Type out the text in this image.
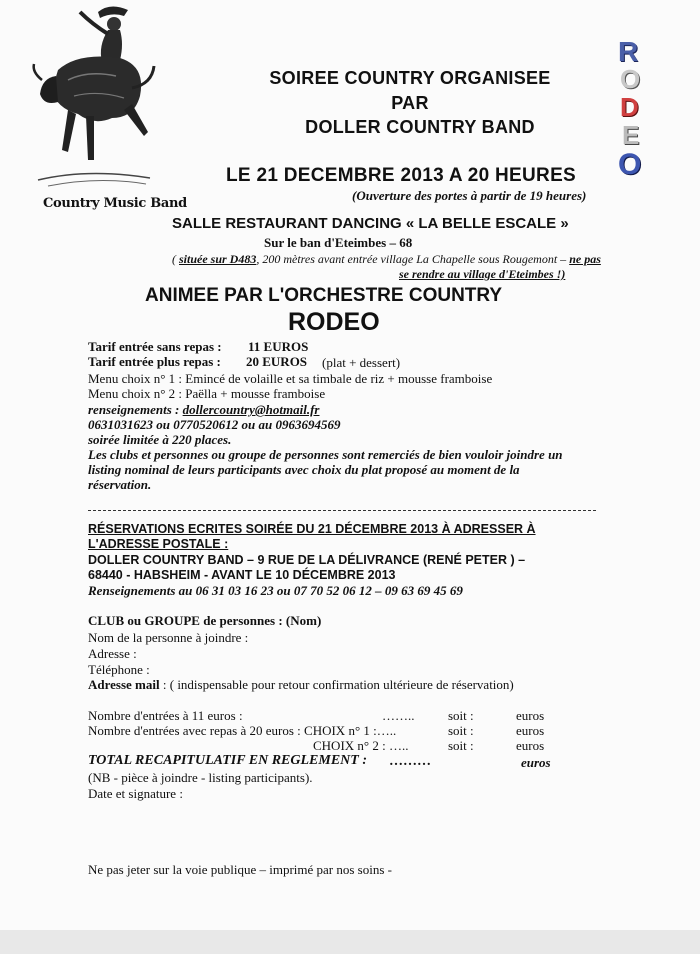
Country Music Band
R
O
D
E
O
SOIREE COUNTRY ORGANISEE
PAR
DOLLER COUNTRY BAND
LE 21 DECEMBRE 2013 A 20 HEURES
(Ouverture des portes à partir de 19 heures)
SALLE RESTAURANT DANCING « LA BELLE ESCALE »
Sur le ban d'Eteimbes – 68
( située sur D483, 200 mètres avant entrée village La Chapelle sous Rougemont – ne pas
se rendre au village d'Eteimbes !)
ANIMEE PAR L'ORCHESTRE COUNTRY
RODEO
Tarif entrée sans repas : 11 EUROS
Tarif entrée plus repas : 20 EUROS (plat + dessert)
Menu choix n° 1 : Emincé de volaille et sa timbale de riz + mousse framboise
Menu choix n° 2 : Paëlla + mousse framboise
renseignements : dollercountry@hotmail.fr
0631031623 ou 0770520612 ou au 0963694569
soirée limitée à 220 places.
Les clubs et personnes ou groupe de personnes sont remerciés de bien vouloir joindre un
listing nominal de leurs participants avec choix du plat proposé au moment de la
réservation.
RÉSERVATIONS ECRITES SOIRÉE DU 21 DÉCEMBRE 2013 À ADRESSER À
L'ADRESSE POSTALE :
DOLLER COUNTRY BAND – 9 RUE DE LA DÉLIVRANCE (RENÉ PETER ) –
68440 - HABSHEIM - AVANT LE 10 DÉCEMBRE 2013
Renseignements au 06 31 03 16 23 ou 07 70 52 06 12 – 09 63 69 45 69
CLUB ou GROUPE de personnes : (Nom)
Nom de la personne à joindre :
Adresse :
Téléphone :
Adresse mail : ( indispensable pour retour confirmation ultérieure de réservation)
Nombre d'entrées à 11 euros :	……..	soit :	euros
Nombre d'entrées avec repas à 20 euros : CHOIX n° 1 :…..	soit :	euros
CHOIX n° 2 : …..	soit :	euros
TOTAL RECAPITULATIF EN REGLEMENT : ………	euros
(NB - pièce à joindre - listing participants).
Date et signature :
Ne pas jeter sur la voie publique – imprimé par nos soins -
